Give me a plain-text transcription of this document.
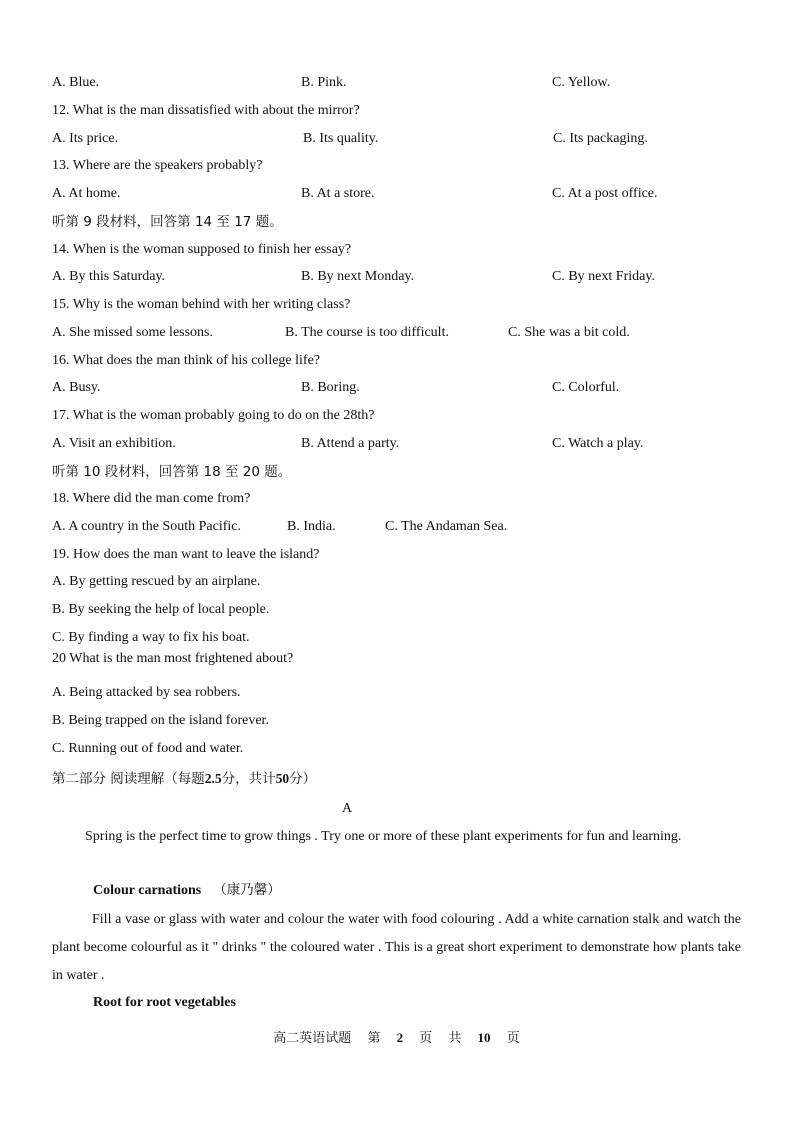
A. Blue.	B. Pink.	C. Yellow.
12. What is the man dissatisfied with about the mirror?
A. Its price.	B. Its quality.	C. Its packaging.
13. Where are the speakers probably?
A. At home.	B. At a store.	C. At a post office.
听第 9 段材料，回答第 14 至 17 题。
14. When is the woman supposed to finish her essay?
A. By this Saturday.	B. By next Monday.	C. By next Friday.
15. Why is the woman behind with her writing class?
A. She missed some lessons.	B. The course is too difficult.	C. She was a bit cold.
16. What does the man think of his college life?
A. Busy.	B. Boring.	C. Colorful.
17. What is the woman probably going to do on the 28th?
A. Visit an exhibition.	B. Attend a party.	C. Watch a play.
听第 10 段材料，回答第 18 至 20 题。
18. Where did the man come from?
A. A country in the South Pacific.	B. India.	C. The Andaman Sea.
19. How does the man want to leave the island?
A. By getting rescued by an airplane.
B. By seeking the help of local people.
C. By finding a way to fix his boat.
20 What is the man most frightened about?
A. Being attacked by sea robbers.
B. Being trapped on the island forever.
C. Running out of food and water.
第二部分 阅读理解（每题2.5分，共计50分）
A
Spring is the perfect time to grow things . Try one or more of these plant experiments for fun and learning.
Colour carnations （康乃馨）
Fill a vase or glass with water and colour the water with food colouring . Add a white carnation stalk and watch the plant become colourful as it " drinks " the coloured water . This is a great short experiment to demonstrate how plants take in water .
Root for root vegetables
高二英语试题 第 2 页 共 10 页
